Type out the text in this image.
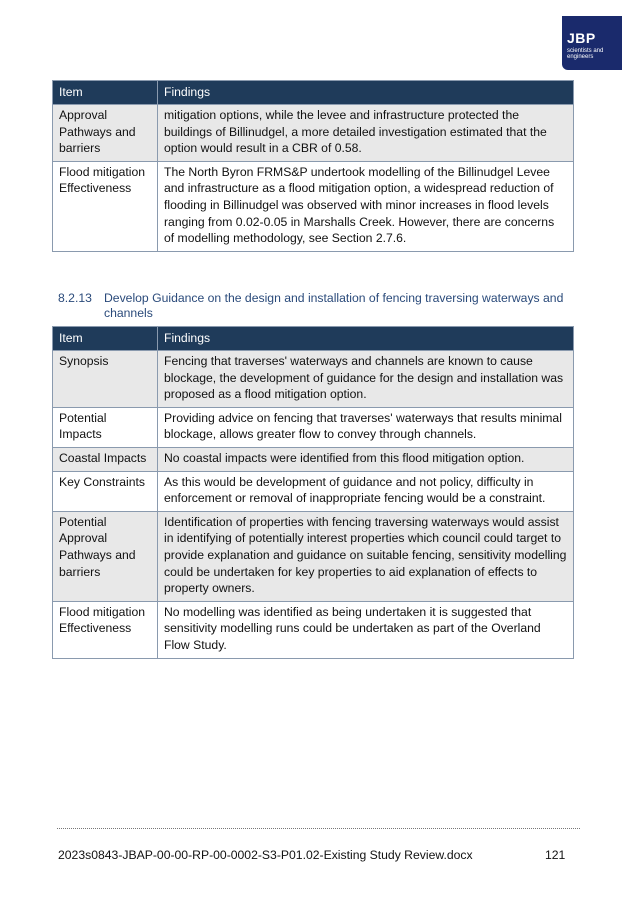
JBP
scientists and engineers
Item	Findings
Approval Pathways and barriers	mitigation options, while the levee and infrastructure protected the buildings of Billinudgel, a more detailed investigation estimated that the option would result in a CBR of 0.58.
Flood mitigation Effectiveness	The North Byron FRMS&P undertook modelling of the Billinudgel Levee and infrastructure as a flood mitigation option, a widespread reduction of flooding in Billinudgel was observed with minor increases in flood levels ranging from 0.02-0.05 in Marshalls Creek. However, there are concerns of modelling methodology, see Section 2.7.6.
8.2.13 Develop Guidance on the design and installation of fencing traversing waterways and channels
Item	Findings
Synopsis	Fencing that traverses' waterways and channels are known to cause blockage, the development of guidance for the design and installation was proposed as a flood mitigation option.
Potential Impacts	Providing advice on fencing that traverses' waterways that results minimal blockage, allows greater flow to convey through channels.
Coastal Impacts	No coastal impacts were identified from this flood mitigation option.
Key Constraints	As this would be development of guidance and not policy, difficulty in enforcement or removal of inappropriate fencing would be a constraint.
Potential Approval Pathways and barriers	Identification of properties with fencing traversing waterways would assist in identifying of potentially interest properties which council could target to provide explanation and guidance on suitable fencing, sensitivity modelling could be undertaken for key properties to aid explanation of effects to property owners.
Flood mitigation Effectiveness	No modelling was identified as being undertaken it is suggested that sensitivity modelling runs could be undertaken as part of the Overland Flow Study.
2023s0843-JBAP-00-00-RP-00-0002-S3-P01.02-Existing Study Review.docx	121
